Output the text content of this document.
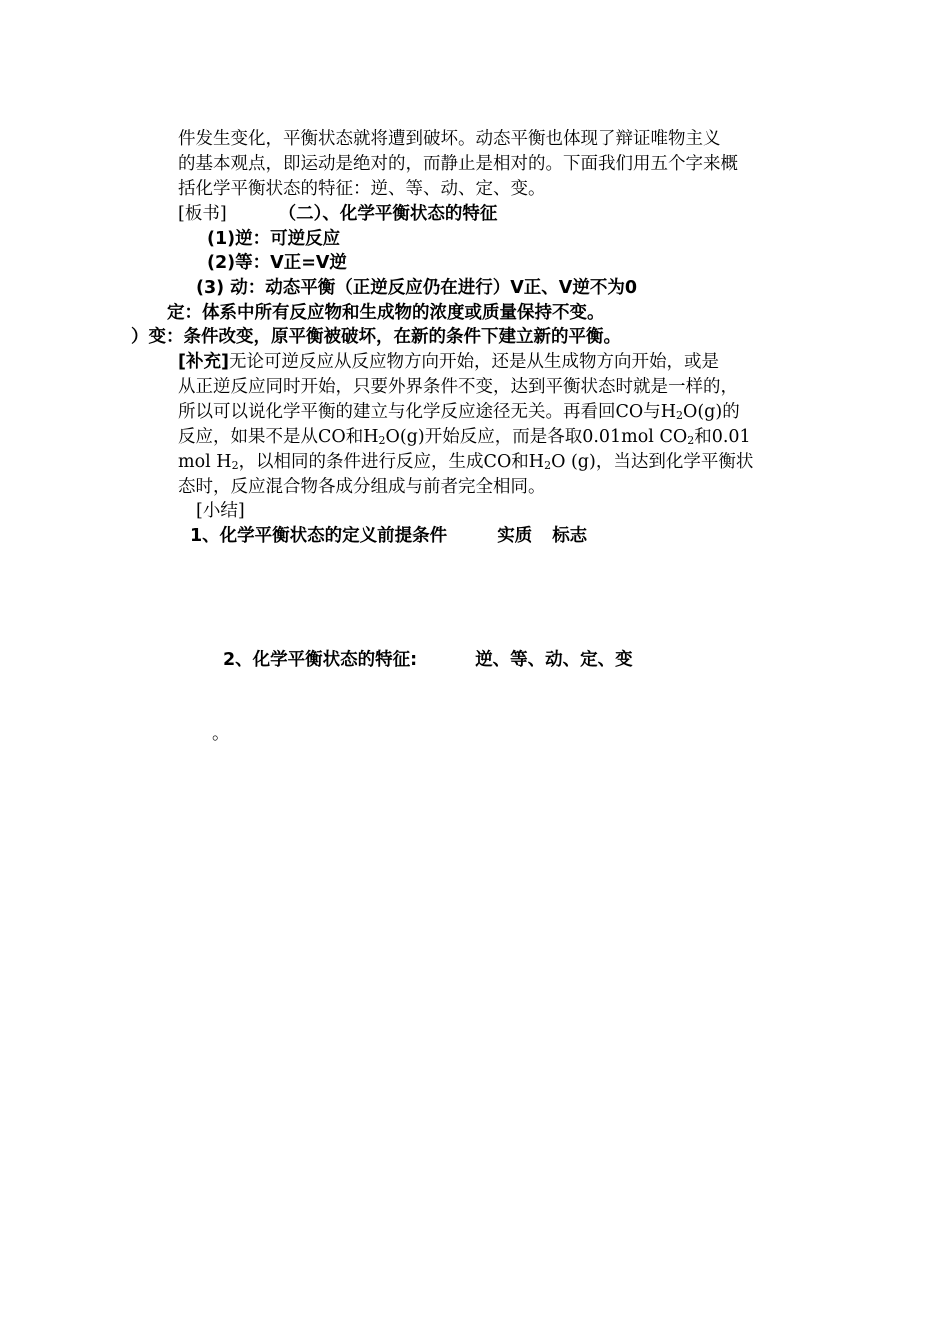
件发生变化，平衡状态就将遭到破坏。动态平衡也体现了辩证唯物主义
的基本观点，即运动是绝对的，而静止是相对的。下面我们用五个字来概
括化学平衡状态的特征：逆、等、动、定、变。
[板书]	（二）、化学平衡状态的特征
(1)逆：可逆反应
(2)等：V正=V逆
(3) 动：动态平衡（正逆反应仍在进行）V正、V逆不为0
定：体系中所有反应物和生成物的浓度或质量保持不变。
）变：条件改变，原平衡被破坏，在新的条件下建立新的平衡。
[补充]无论可逆反应从反应物方向开始，还是从生成物方向开始，或是
从正逆反应同时开始，只要外界条件不变，达到平衡状态时就是一样的，
所以可以说化学平衡的建立与化学反应途径无关。再看回CO与$H_2O(g)$的
反应，如果不是从CO和$H_2O(g)$开始反应，而是各取0.01mol $CO_2$和0.01
mol $H_2$，以相同的条件进行反应，生成CO和$H_2O$ (g)，当达到化学平衡状
态时，反应混合物各成分组成与前者完全相同。
[小结]
1、化学平衡状态的定义前提条件	实质 标志
2、化学平衡状态的特征:	逆、等、动、定、变
。
